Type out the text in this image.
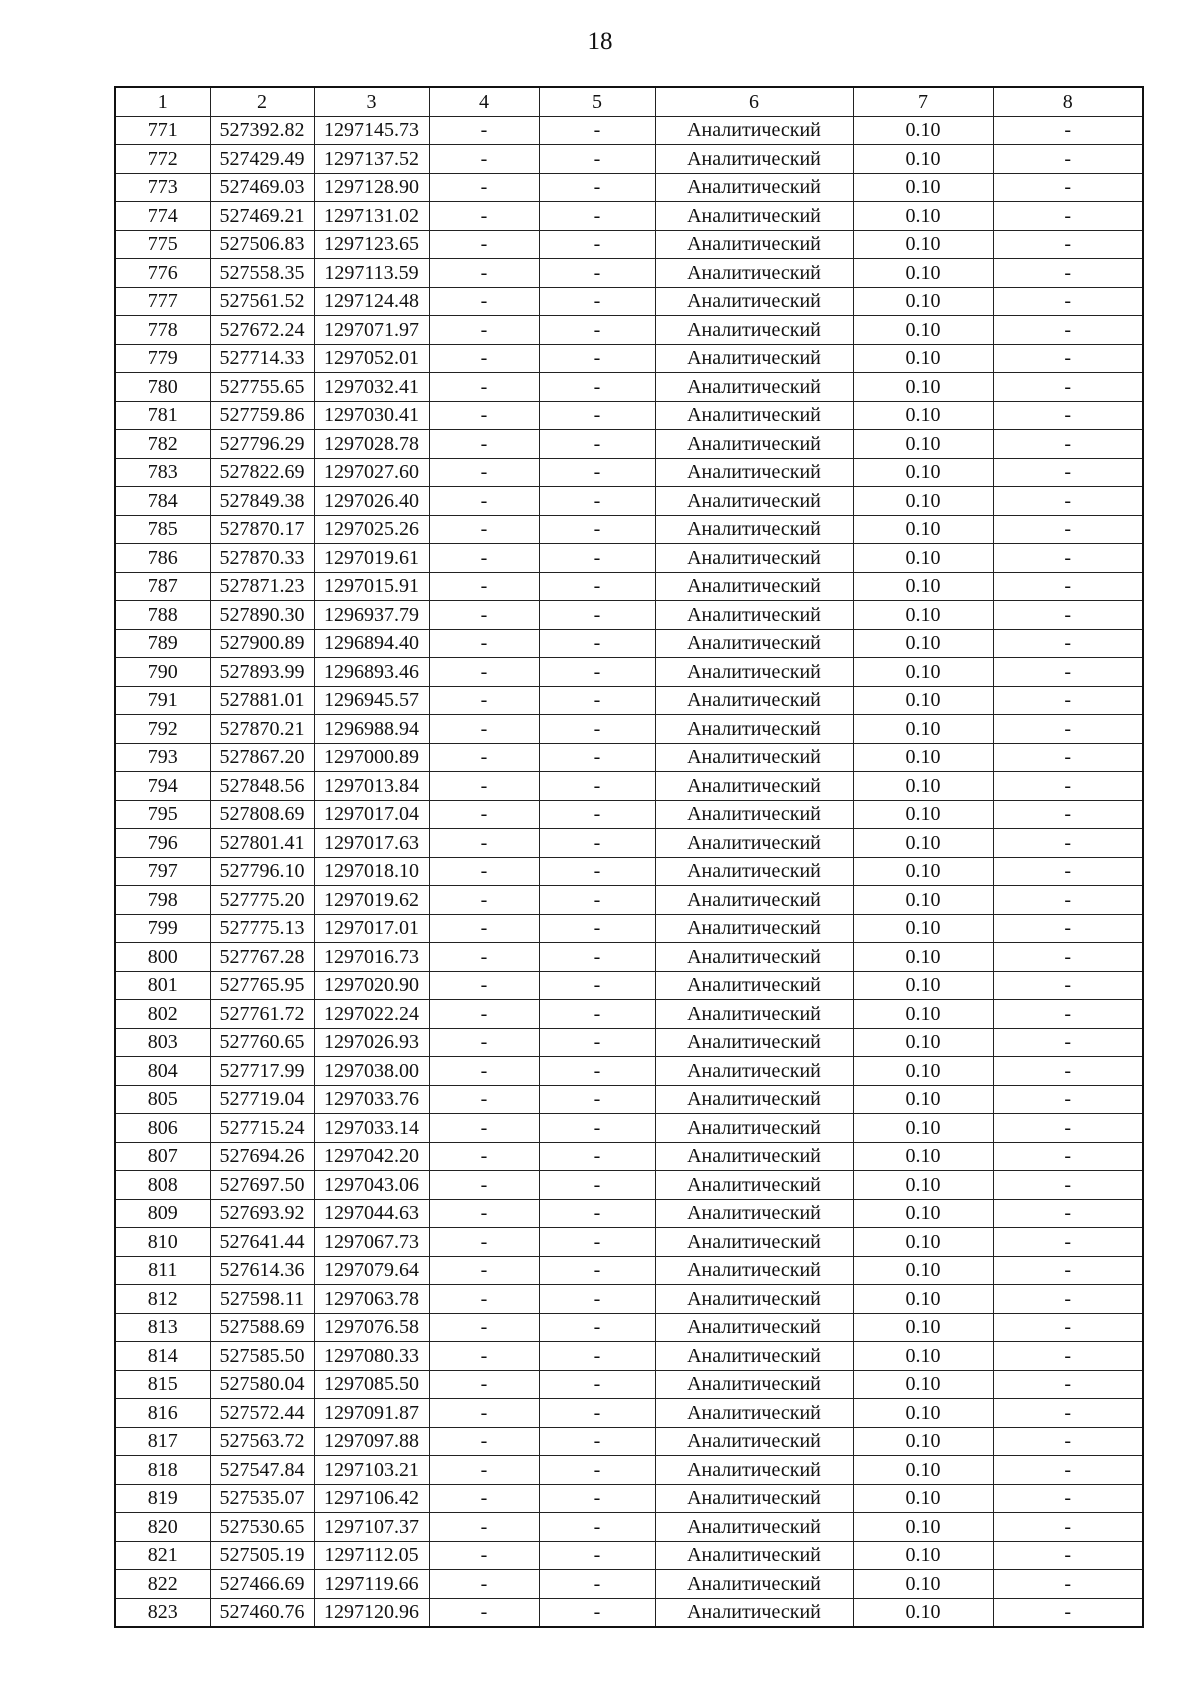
18
1	2	3	4	5	6	7	8
771	527392.82	1297145.73	-	-	Аналитический	0.10	-
772	527429.49	1297137.52	-	-	Аналитический	0.10	-
773	527469.03	1297128.90	-	-	Аналитический	0.10	-
774	527469.21	1297131.02	-	-	Аналитический	0.10	-
775	527506.83	1297123.65	-	-	Аналитический	0.10	-
776	527558.35	1297113.59	-	-	Аналитический	0.10	-
777	527561.52	1297124.48	-	-	Аналитический	0.10	-
778	527672.24	1297071.97	-	-	Аналитический	0.10	-
779	527714.33	1297052.01	-	-	Аналитический	0.10	-
780	527755.65	1297032.41	-	-	Аналитический	0.10	-
781	527759.86	1297030.41	-	-	Аналитический	0.10	-
782	527796.29	1297028.78	-	-	Аналитический	0.10	-
783	527822.69	1297027.60	-	-	Аналитический	0.10	-
784	527849.38	1297026.40	-	-	Аналитический	0.10	-
785	527870.17	1297025.26	-	-	Аналитический	0.10	-
786	527870.33	1297019.61	-	-	Аналитический	0.10	-
787	527871.23	1297015.91	-	-	Аналитический	0.10	-
788	527890.30	1296937.79	-	-	Аналитический	0.10	-
789	527900.89	1296894.40	-	-	Аналитический	0.10	-
790	527893.99	1296893.46	-	-	Аналитический	0.10	-
791	527881.01	1296945.57	-	-	Аналитический	0.10	-
792	527870.21	1296988.94	-	-	Аналитический	0.10	-
793	527867.20	1297000.89	-	-	Аналитический	0.10	-
794	527848.56	1297013.84	-	-	Аналитический	0.10	-
795	527808.69	1297017.04	-	-	Аналитический	0.10	-
796	527801.41	1297017.63	-	-	Аналитический	0.10	-
797	527796.10	1297018.10	-	-	Аналитический	0.10	-
798	527775.20	1297019.62	-	-	Аналитический	0.10	-
799	527775.13	1297017.01	-	-	Аналитический	0.10	-
800	527767.28	1297016.73	-	-	Аналитический	0.10	-
801	527765.95	1297020.90	-	-	Аналитический	0.10	-
802	527761.72	1297022.24	-	-	Аналитический	0.10	-
803	527760.65	1297026.93	-	-	Аналитический	0.10	-
804	527717.99	1297038.00	-	-	Аналитический	0.10	-
805	527719.04	1297033.76	-	-	Аналитический	0.10	-
806	527715.24	1297033.14	-	-	Аналитический	0.10	-
807	527694.26	1297042.20	-	-	Аналитический	0.10	-
808	527697.50	1297043.06	-	-	Аналитический	0.10	-
809	527693.92	1297044.63	-	-	Аналитический	0.10	-
810	527641.44	1297067.73	-	-	Аналитический	0.10	-
811	527614.36	1297079.64	-	-	Аналитический	0.10	-
812	527598.11	1297063.78	-	-	Аналитический	0.10	-
813	527588.69	1297076.58	-	-	Аналитический	0.10	-
814	527585.50	1297080.33	-	-	Аналитический	0.10	-
815	527580.04	1297085.50	-	-	Аналитический	0.10	-
816	527572.44	1297091.87	-	-	Аналитический	0.10	-
817	527563.72	1297097.88	-	-	Аналитический	0.10	-
818	527547.84	1297103.21	-	-	Аналитический	0.10	-
819	527535.07	1297106.42	-	-	Аналитический	0.10	-
820	527530.65	1297107.37	-	-	Аналитический	0.10	-
821	527505.19	1297112.05	-	-	Аналитический	0.10	-
822	527466.69	1297119.66	-	-	Аналитический	0.10	-
823	527460.76	1297120.96	-	-	Аналитический	0.10	-
